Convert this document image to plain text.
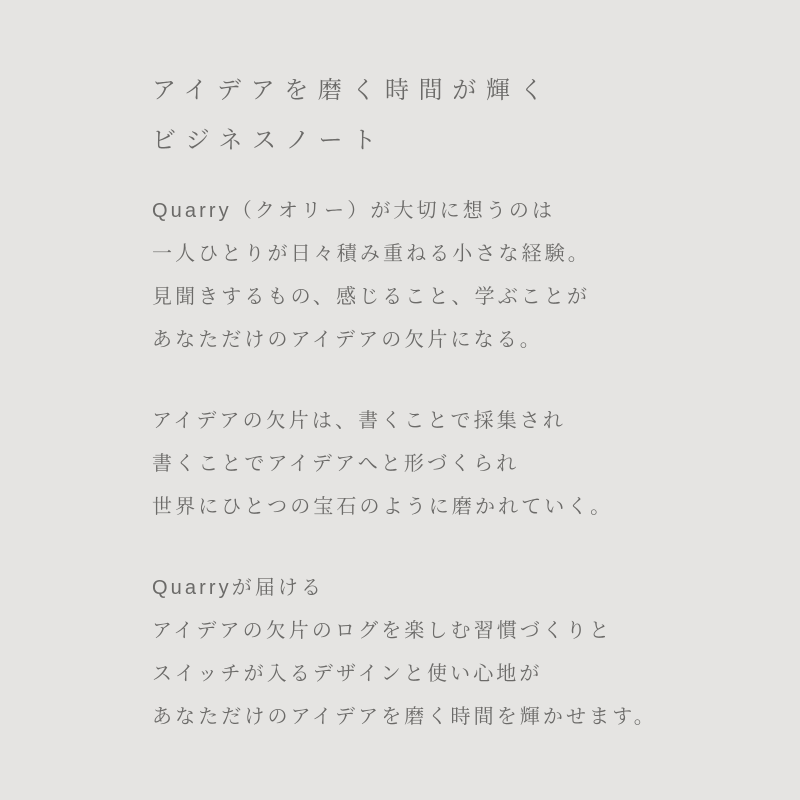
アイデアを磨く時間が輝く
ビジネスノート
Quarry（クオリー）が大切に想うのは
一人ひとりが日々積み重ねる小さな経験。
見聞きするもの、感じること、学ぶことが
あなただけのアイデアの欠片になる。
アイデアの欠片は、書くことで採集され
書くことでアイデアへと形づくられ
世界にひとつの宝石のように磨かれていく。
Quarryが届ける
アイデアの欠片のログを楽しむ習慣づくりと
スイッチが入るデザインと使い心地が
あなただけのアイデアを磨く時間を輝かせます。
